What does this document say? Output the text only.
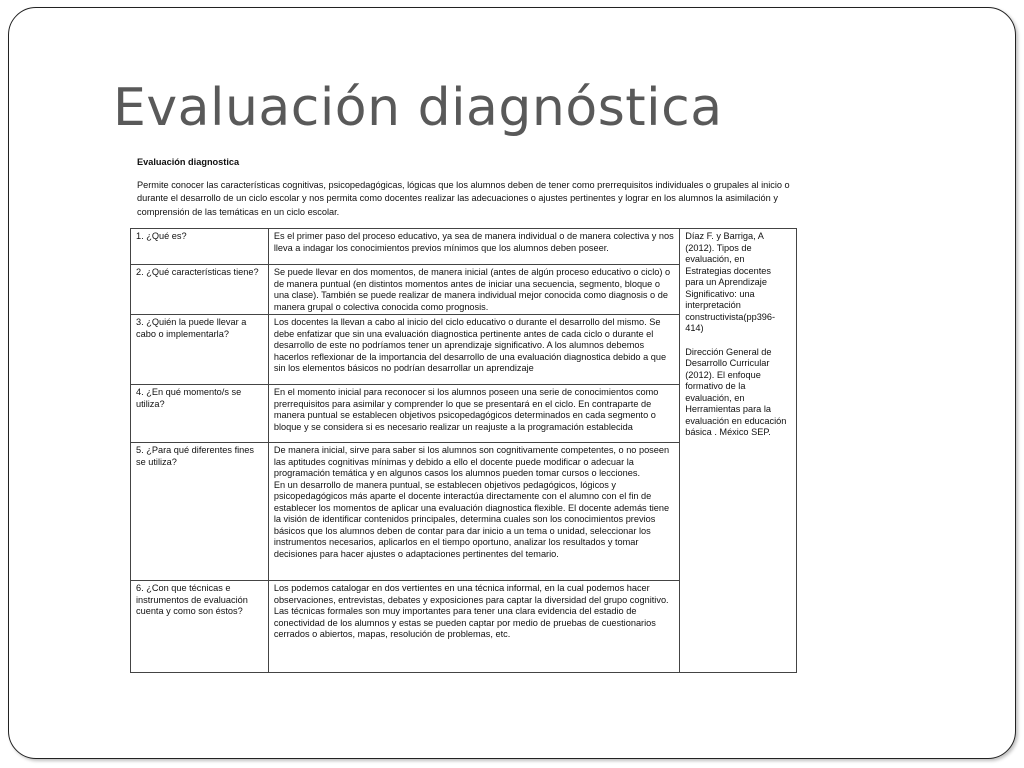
Evaluación diagnóstica
Evaluación diagnostica
Permite conocer las características cognitivas, psicopedagógicas, lógicas que los alumnos deben de tener como prerrequisitos individuales o grupales al inicio o durante el desarrollo de un ciclo escolar y nos permita como docentes realizar las adecuaciones o ajustes pertinentes y lograr en los alumnos la asimilación y comprensión de las temáticas en un ciclo escolar.
1. ¿Qué es?	Es el primer paso del proceso educativo, ya sea de manera individual o de manera colectiva y nos lleva a indagar los conocimientos previos mínimos que los alumnos deben poseer.	Díaz F. y Barriga, A (2012). Tipos de evaluación, en Estrategias docentes para un Aprendizaje Significativo: una interpretación constructivista(pp396-414)

Dirección General de Desarrollo Curricular (2012). El enfoque formativo de la evaluación, en Herramientas para la evaluación en educación básica . México SEP.

2. ¿Qué características tiene?	Se puede llevar en dos momentos, de manera inicial (antes de algún proceso educativo o ciclo) o de manera puntual (en distintos momentos antes de iniciar una secuencia, segmento, bloque o una clase). También se puede realizar de manera individual mejor conocida como diagnosis o de manera grupal o colectiva conocida como prognosis.	
3. ¿Quién la puede llevar a cabo o implementarla?	Los docentes la llevan a cabo al inicio del ciclo educativo o durante el desarrollo del mismo. Se debe enfatizar que sin una evaluación diagnostica pertinente antes de cada ciclo o durante el desarrollo de este no podríamos tener un aprendizaje significativo. A los alumnos debemos hacerlos reflexionar de la importancia del desarrollo de una evaluación diagnostica debido a que sin los elementos básicos no podrían desarrollar un aprendizaje	
4. ¿En qué momento/s se utiliza?	En el momento inicial para reconocer si los alumnos poseen una serie de conocimientos como prerrequisitos para asimilar y comprender lo que se presentará en el ciclo. En contraparte de manera puntual se establecen objetivos psicopedagógicos determinados en cada segmento o bloque y se considera si es necesario realizar un reajuste a la programación establecida	
5. ¿Para qué diferentes fines se utiliza?	De manera inicial, sirve para saber si los alumnos son cognitivamente competentes, o no poseen las aptitudes cognitivas mínimas y debido a ello el docente puede modificar o adecuar la programación temática y en algunos casos los alumnos pueden tomar cursos o lecciones.
En un desarrollo de manera puntual, se establecen objetivos pedagógicos, lógicos y psicopedagógicos más aparte el docente interactúa directamente con el alumno con el fin de establecer los momentos de aplicar una evaluación diagnostica flexible. El docente además tiene la visión de identificar contenidos principales, determina cuales son los conocimientos previos básicos que los alumnos deben de contar para dar inicio a un tema o unidad, seleccionar los instrumentos necesarios, aplicarlos en el tiempo oportuno, analizar los resultados y tomar decisiones para hacer ajustes o adaptaciones pertinentes del temario.	

6. ¿Con que técnicas e instrumentos de evaluación cuenta y como son éstos?	Los podemos catalogar en dos vertientes en una técnica informal, en la cual podemos hacer observaciones, entrevistas, debates y exposiciones para captar la diversidad del grupo cognitivo.
Las técnicas formales son muy importantes para tener una clara evidencia del estadio de conectividad de los alumnos y estas se pueden captar por medio de pruebas de cuestionarios cerrados o abiertos, mapas, resolución de problemas, etc.	
